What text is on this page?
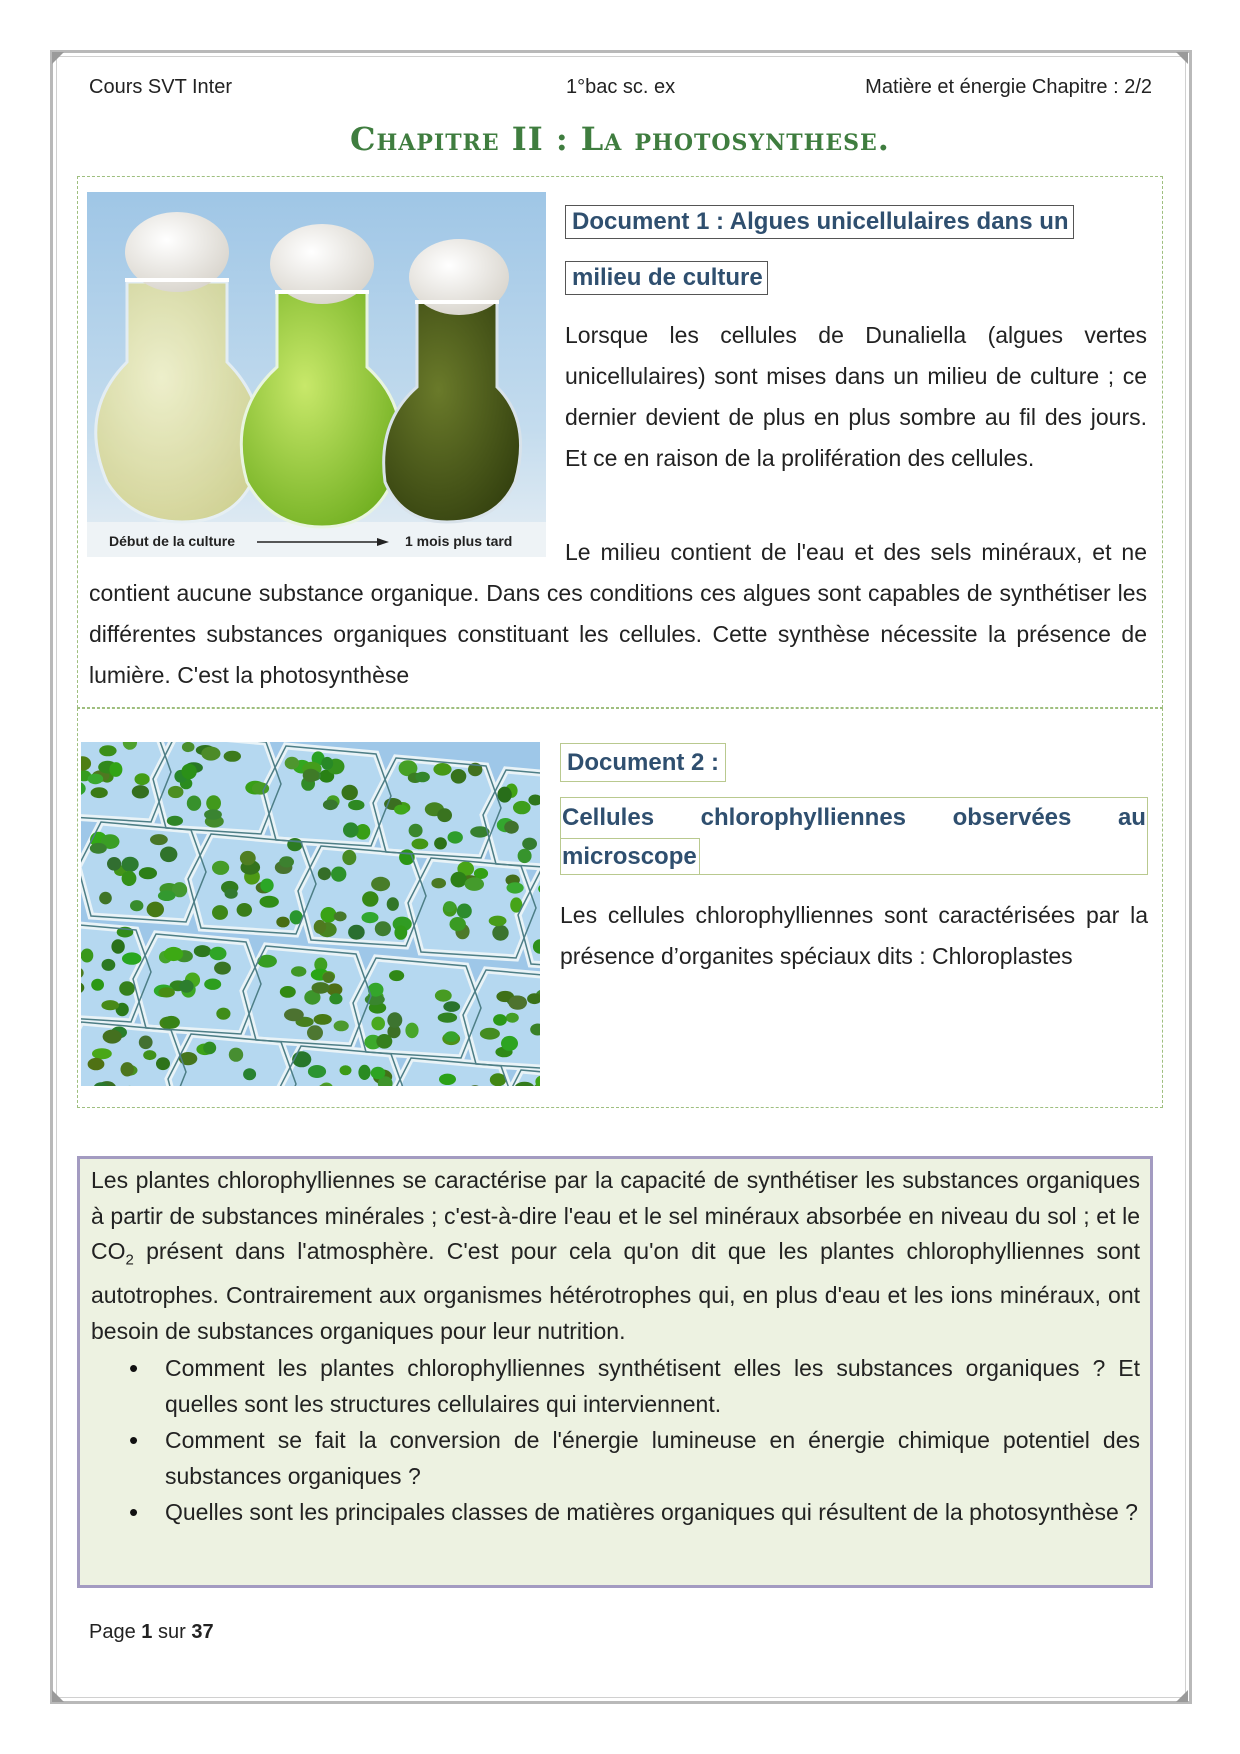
Cours SVT Inter	1°bac sc. ex	Matière et énergie Chapitre : 2/2
Chapitre II : La photosynthese.
Début de la culture	1 mois plus tard
Document 1 : Algues unicellulaires dans un
milieu de culture

Lorsque les cellules de Dunaliella (algues vertes unicellulaires) sont mises dans un milieu de culture ; ce dernier devient de plus en plus sombre au fil des jours. Et ce en raison de la prolifération des cellules.

Le milieu contient de l'eau et des sels minéraux, et ne contient aucune substance organique. Dans ces conditions ces algues sont capables de synthétiser les différentes substances organiques constituant les cellules. Cette synthèse nécessite la présence de lumière. C'est la photosynthèse

Document 2 :
Cellules chlorophylliennes observées au
microscope

Les cellules chlorophylliennes sont caractérisées par la présence d’organites spéciaux dits : Chloroplastes

Les plantes chlorophylliennes se caractérise par la capacité de synthétiser les substances organiques à partir de substances minérales ; c'est-à-dire l'eau et le sel minéraux absorbée en niveau du sol ; et le $CO_2$ présent dans l'atmosphère. C'est pour cela qu'on dit que les plantes chlorophylliennes sont autotrophes. Contrairement aux organismes hétérotrophes qui, en plus d'eau et les ions minéraux, ont besoin de substances organiques pour leur nutrition.

• Comment les plantes chlorophylliennes synthétisent elles les substances organiques ? Et quelles sont les structures cellulaires qui interviennent.
• Comment se fait la conversion de l'énergie lumineuse en énergie chimique potentiel des substances organiques ?
• Quelles sont les principales classes de matières organiques qui résultent de la photosynthèse ?
Page 1 sur 37
